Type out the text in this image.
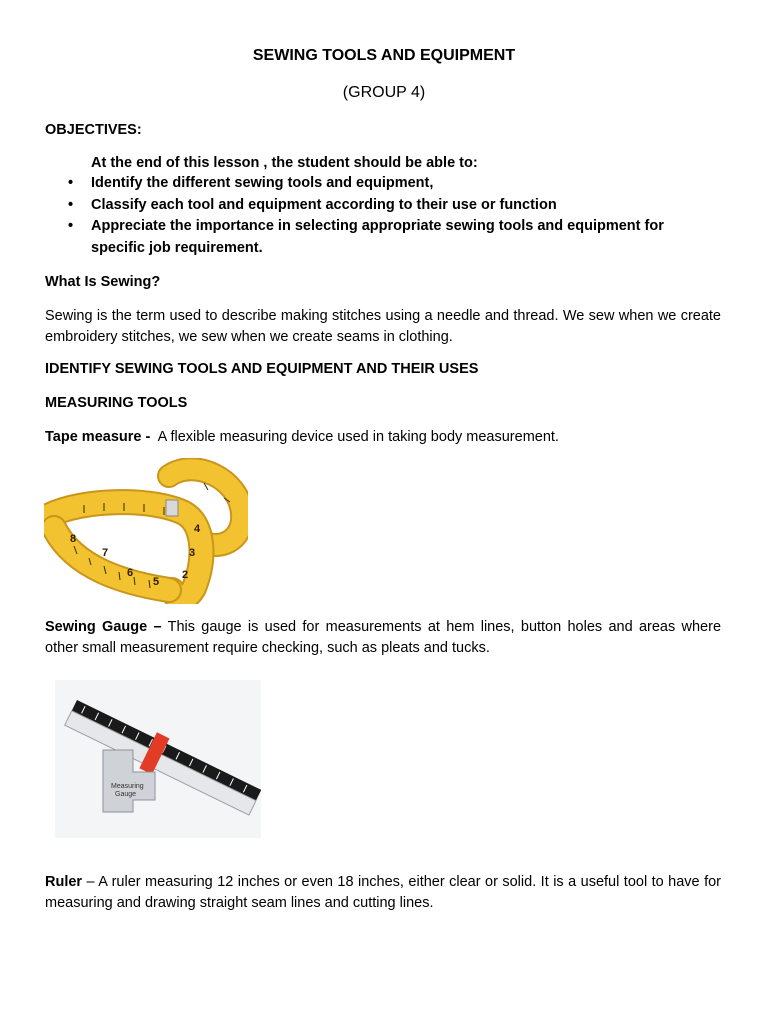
SEWING TOOLS AND EQUIPMENT
(GROUP 4)
OBJECTIVES:
At the end of this lesson , the student should be able to:
• Identify the different sewing tools and equipment,
• Classify each tool and equipment according to their use or function
• Appreciate the importance in selecting appropriate sewing tools and equipment for specific job requirement.
What Is Sewing?
Sewing is the term used to describe making stitches using a needle and thread. We sew when we create embroidery stitches, we sew when we create seams in clothing.
IDENTIFY SEWING TOOLS AND EQUIPMENT AND THEIR USES
MEASURING TOOLS
Tape measure -  A flexible measuring device used in taking body measurement.
8
7
6
5
4
3
2
Sewing Gauge – This gauge is used for measurements at hem lines, button holes and areas where other small measurement require checking, such as pleats and tucks.
Measuring
Gauge
Ruler – A ruler measuring 12 inches or even 18 inches, either clear or solid. It is a useful tool to have for measuring and drawing straight seam lines and cutting lines.
